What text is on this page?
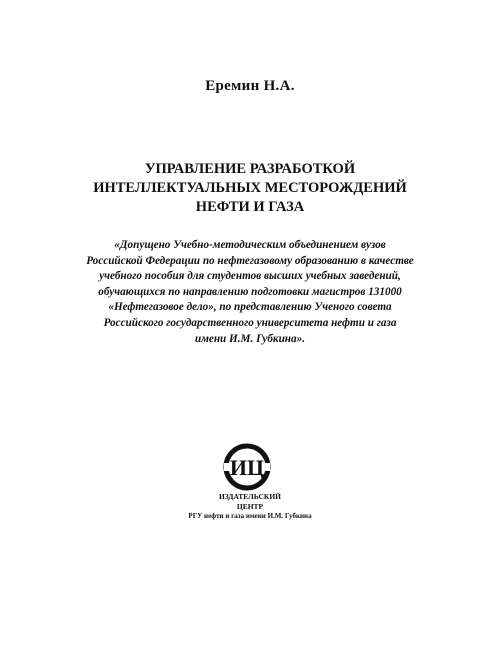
Еремин Н.А.
УПРАВЛЕНИЕ РАЗРАБОТКОЙ
ИНТЕЛЛЕКТУАЛЬНЫХ МЕСТОРОЖДЕНИЙ
НЕФТИ И ГАЗА
«Допущено Учебно-методическим объединением вузов
Российской Федерации по нефтегазовому образованию в качестве
учебного пособия для студентов высших учебных заведений,
обучающихся по направлению подготовки магистров 131000
«Нефтегазовое дело», по представлению Ученого совета
Российского государственного университета нефти и газа
имени И.М. Губкина».
ИЦ
ИЗДАТЕЛЬСКИЙ
ЦЕНТР
РГУ нефти и газа имени И.М. Губкина
